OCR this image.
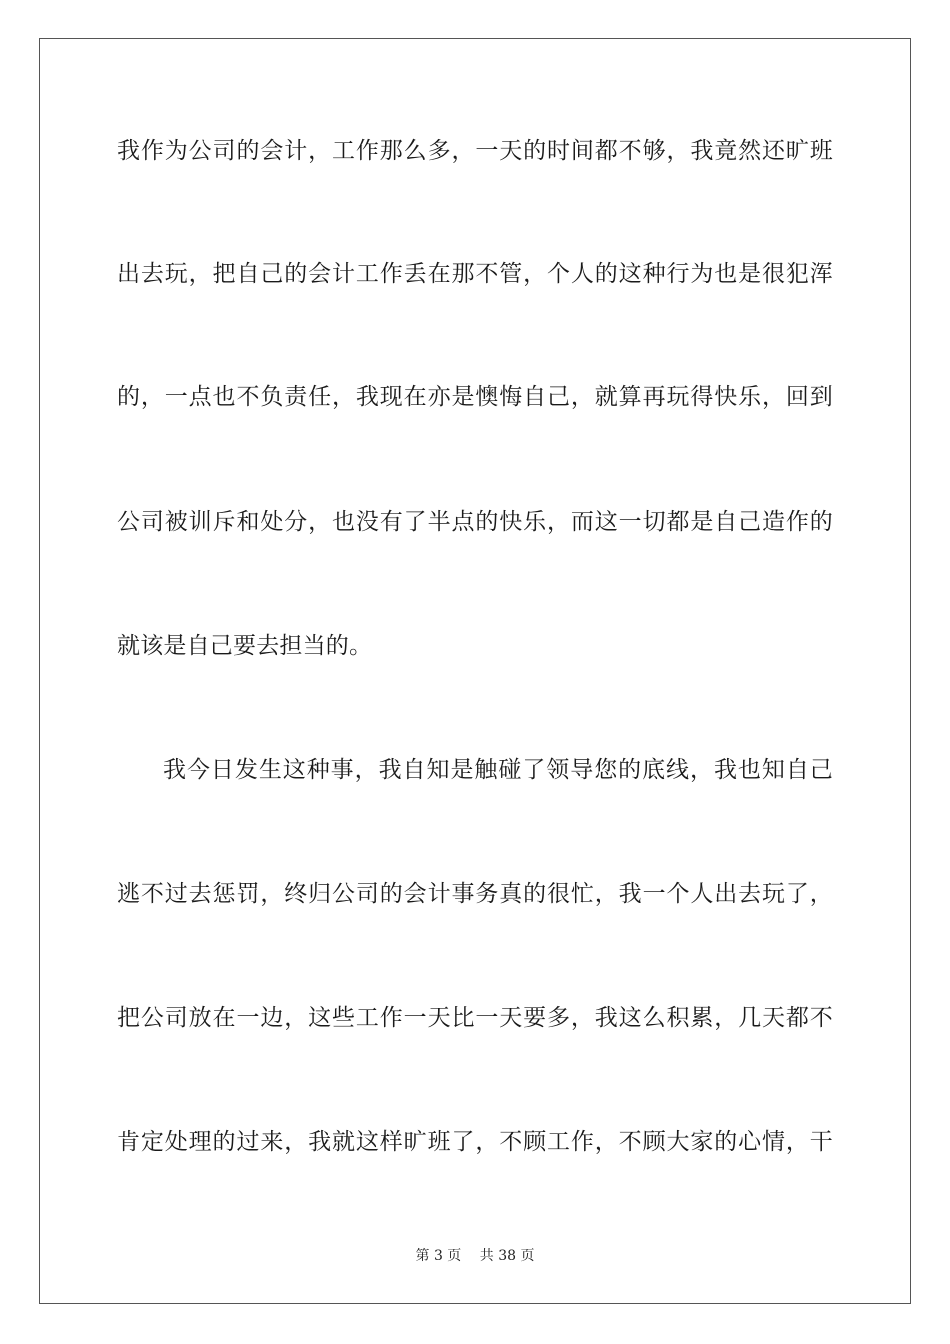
我作为公司的会计，工作那么多，一天的时间都不够，我竟然还旷班
出去玩，把自己的会计工作丢在那不管，个人的这种行为也是很犯浑
的，一点也不负责任，我现在亦是懊悔自己，就算再玩得快乐，回到
公司被训斥和处分，也没有了半点的快乐，而这一切都是自己造作的
就该是自己要去担当的。
我今日发生这种事，我自知是触碰了领导您的底线，我也知自己
逃不过去惩罚，终归公司的会计事务真的很忙，我一个人出去玩了，
把公司放在一边，这些工作一天比一天要多，我这么积累，几天都不
肯定处理的过来，我就这样旷班了，不顾工作，不顾大家的心情，干
第 3 页 共 38 页
